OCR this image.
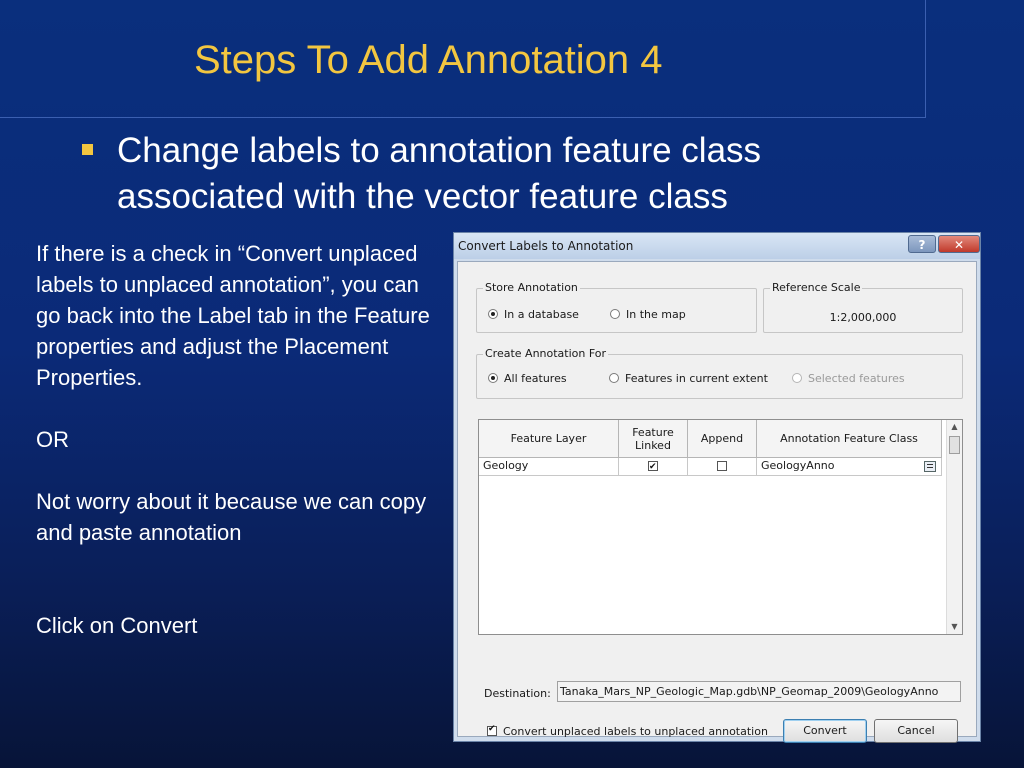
Steps To Add Annotation 4
Change labels to annotation feature class associated with the vector feature class

If there is a check in “Convert unplaced labels to unplaced annotation”, you can go back into the Label tab in the Feature properties and adjust the Placement Properties.

OR

Not worry about it because we can copy and paste annotation

Click on Convert

Convert Labels to Annotation	?	✕
Store Annotation
In a database	In the map
Reference Scale
1:2,000,000
Create Annotation For
All features	Features in current extent	Selected features
Feature Layer	Feature Linked	Append	Annotation Feature Class
Geology
✔	GeologyAnno
▲
▼
Destination: Tanaka_Mars_NP_Geologic_Map.gdb\NP_Geomap_2009\GeologyAnno
✔Convert unplaced labels to unplaced annotation	Convert	Cancel
